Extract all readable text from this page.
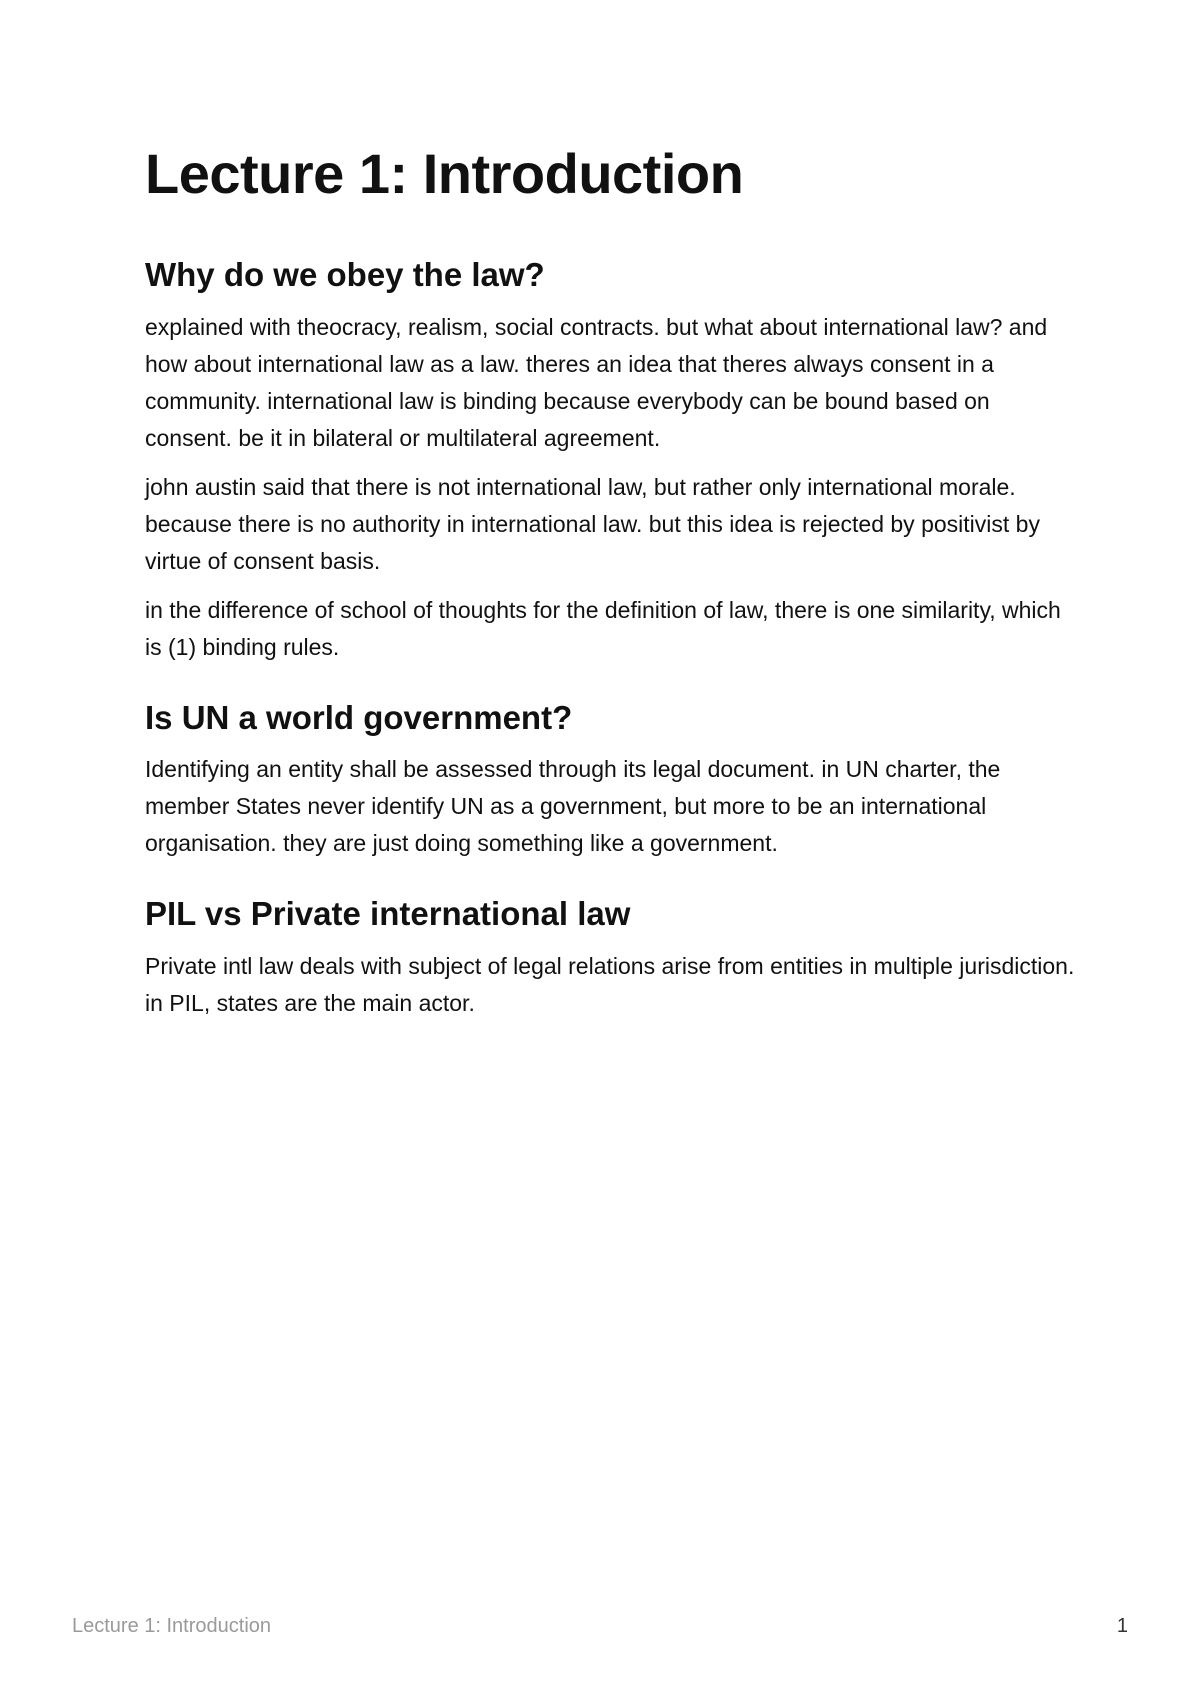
Lecture 1: Introduction
Why do we obey the law?

explained with theocracy, realism, social contracts. but what about international law? and how about international law as a law. theres an idea that theres always consent in a community. international law is binding because everybody can be bound based on consent. be it in bilateral or multilateral agreement.

john austin said that there is not international law, but rather only international morale. because there is no authority in international law. but this idea is rejected by positivist by virtue of consent basis.

in the difference of school of thoughts for the definition of law, there is one similarity, which is (1) binding rules.

Is UN a world government?

Identifying an entity shall be assessed through its legal document. in UN charter, the member States never identify UN as a government, but more to be an international organisation. they are just doing something like a government.

PIL vs Private international law

Private intl law deals with subject of legal relations arise from entities in multiple jurisdiction. in PIL, states are the main actor.

Lecture 1: Introduction	1
